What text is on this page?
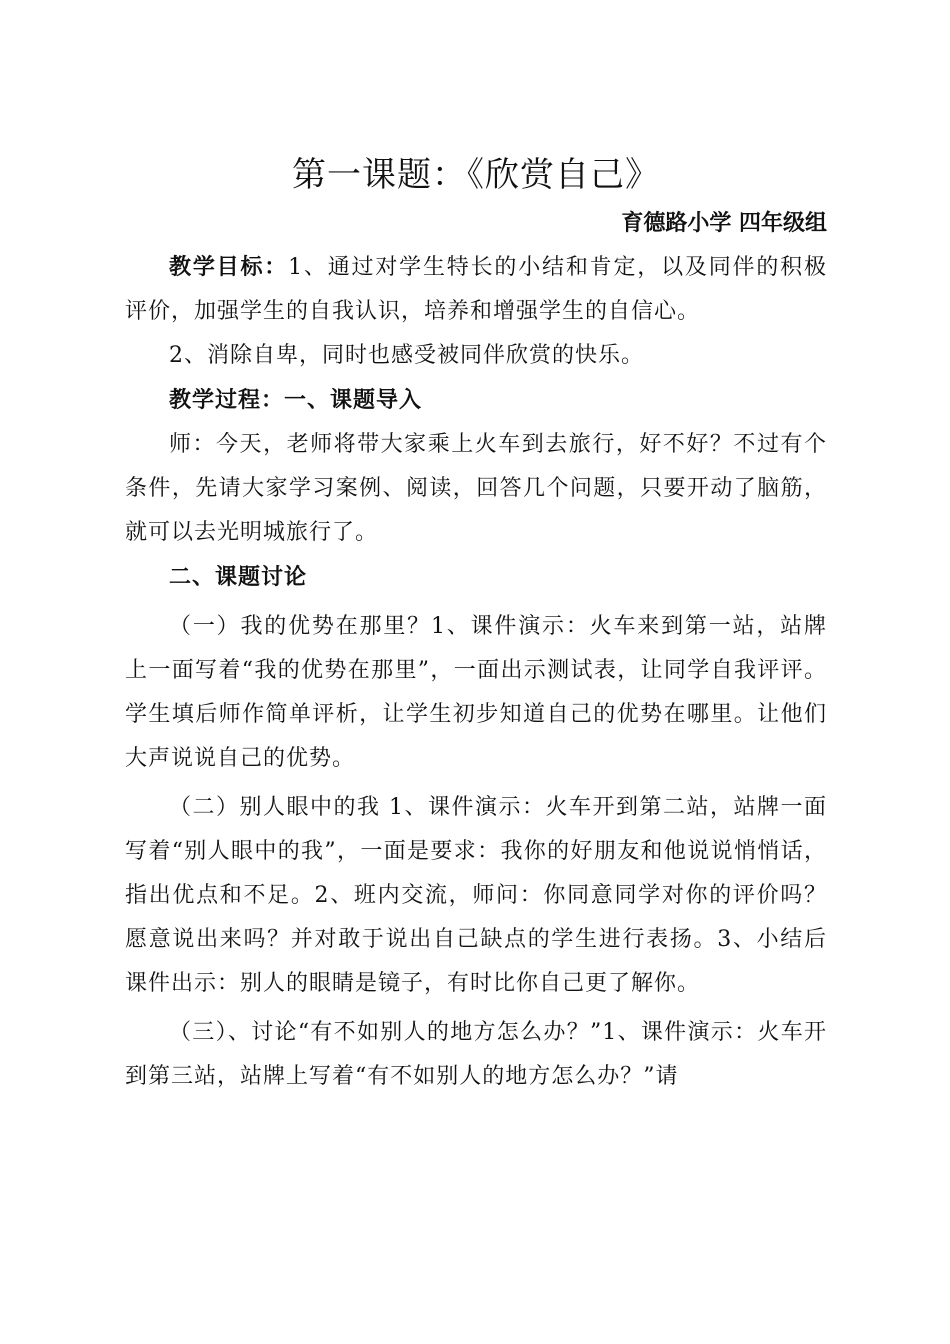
第一课题：《欣赏自己》
育德路小学 四年级组

教学目标：1、通过对学生特长的小结和肯定，以及同伴的积极评价，加强学生的自我认识，培养和增强学生的自信心。

2、消除自卑，同时也感受被同伴欣赏的快乐。

教学过程：一、课题导入

师：今天，老师将带大家乘上火车到去旅行，好不好？不过有个条件，先请大家学习案例、阅读，回答几个问题，只要开动了脑筋，就可以去光明城旅行了。

二、课题讨论

（一）我的优势在那里？1、课件演示：火车来到第一站，站牌上一面写着“我的优势在那里”，一面出示测试表，让同学自我评评。学生填后师作简单评析，让学生初步知道自己的优势在哪里。让他们大声说说自己的优势。

（二）别人眼中的我 1、课件演示：火车开到第二站，站牌一面写着“别人眼中的我”，一面是要求：我你的好朋友和他说说悄悄话，指出优点和不足。2、班内交流，师问：你同意同学对你的评价吗？愿意说出来吗？并对敢于说出自己缺点的学生进行表扬。3、小结后课件出示：别人的眼睛是镜子，有时比你自己更了解你。

（三）、讨论“有不如别人的地方怎么办？”1、课件演示：火车开到第三站，站牌上写着“有不如别人的地方怎么办？”请
